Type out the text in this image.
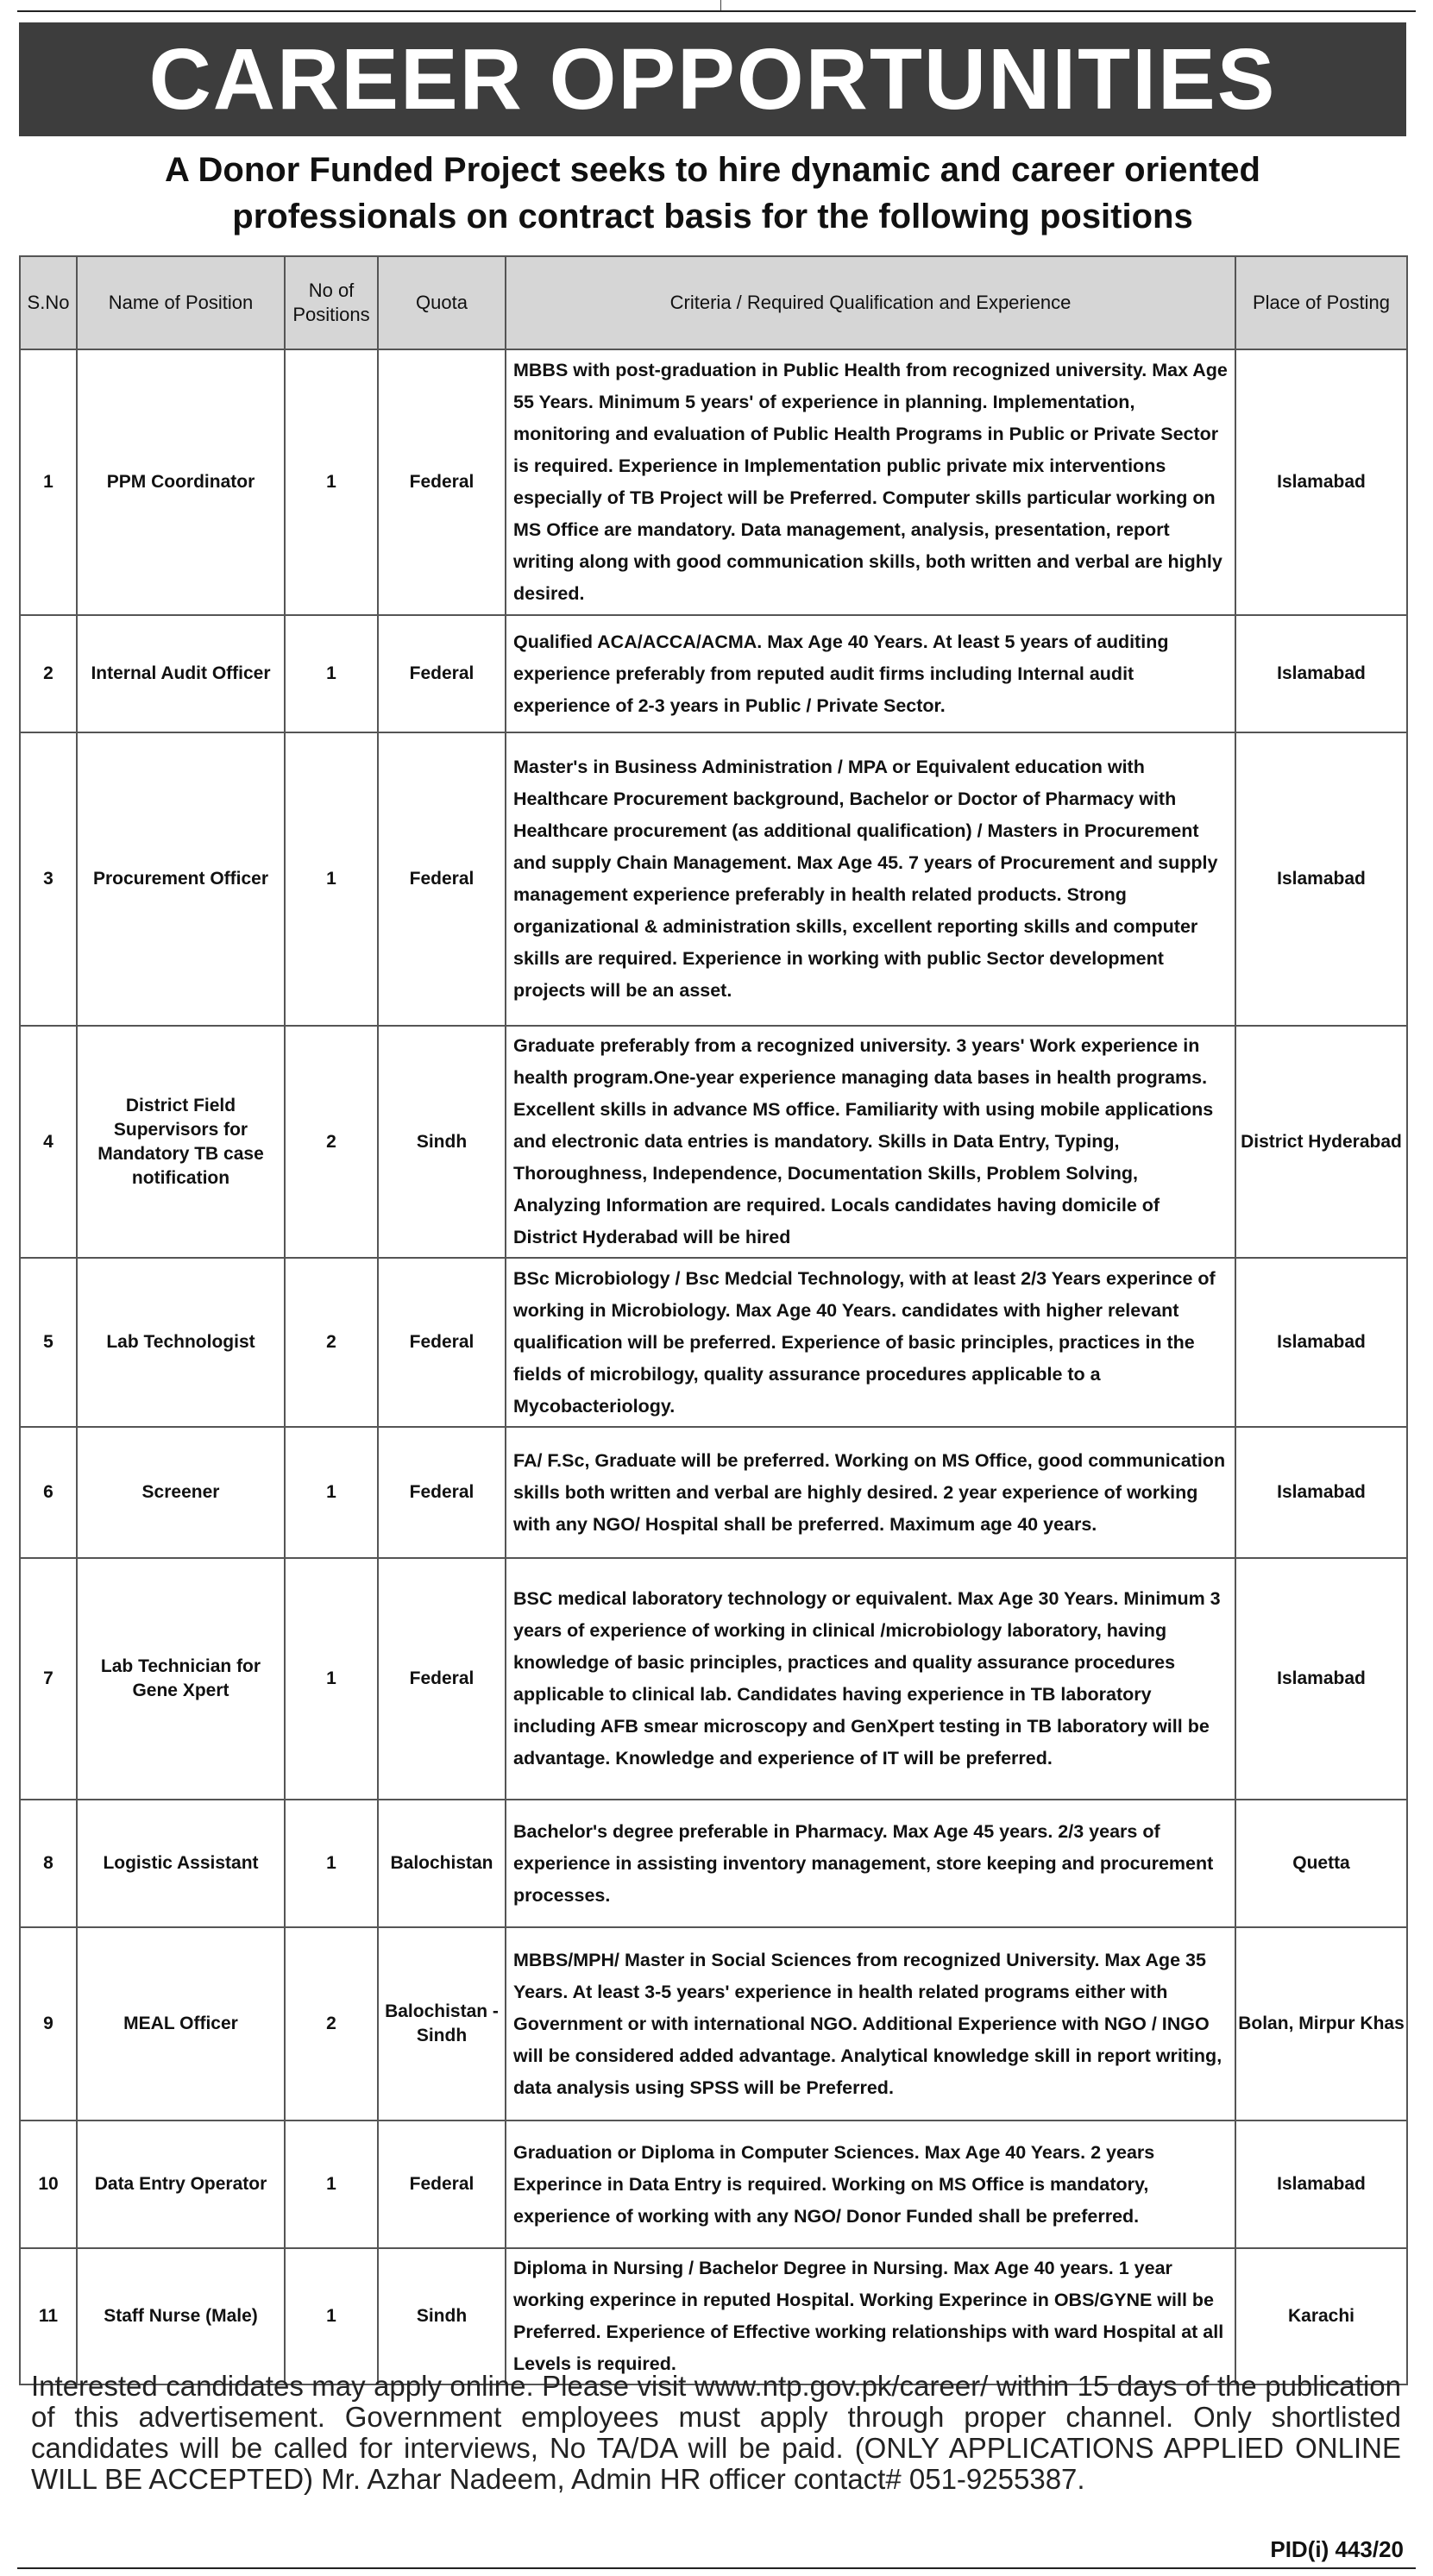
CAREER OPPORTUNITIES
A Donor Funded Project seeks to hire dynamic and career oriented
professionals on contract basis for the following positions
S.No	Name of Position	No of Positions	Quota	Criteria / Required Qualification and Experience	Place of Posting
1	PPM Coordinator	1	Federal	MBBS with post-graduation in Public Health from recognized university. Max Age 55 Years. Minimum 5 years' of experience in planning. Implementation, monitoring and evaluation of Public Health Programs in Public or Private Sector is required. Experience in Implementation public private mix interventions especially of TB Project will be Preferred. Computer skills particular working on MS Office are mandatory. Data management, analysis, presentation, report writing along with good communication skills, both written and verbal are highly desired.	Islamabad
2	Internal Audit Officer	1	Federal	Qualified ACA/ACCA/ACMA. Max Age 40 Years. At least 5 years of auditing experience preferably from reputed audit firms including Internal audit experience of 2-3 years in Public / Private Sector.	Islamabad
3	Procurement Officer	1	Federal	Master's in Business Administration / MPA or Equivalent education with Healthcare Procurement background, Bachelor or Doctor of Pharmacy with Healthcare procurement (as additional qualification) / Masters in Procurement and supply Chain Management. Max Age 45. 7 years of Procurement and supply management experience preferably in health related products. Strong organizational & administration skills, excellent reporting skills and computer skills are required. Experience in working with public Sector development projects will be an asset.	Islamabad
4	District Field Supervisors for Mandatory TB case notification	2	Sindh	Graduate preferably from a recognized university. 3 years' Work experience in health program.One-year experience managing data bases in health programs. Excellent skills in advance MS office. Familiarity with using mobile applications and electronic data entries is mandatory. Skills in Data Entry, Typing, Thoroughness, Independence, Documentation Skills, Problem Solving, Analyzing Information are required. Locals candidates having domicile of District Hyderabad will be hired	District Hyderabad
5	Lab Technologist	2	Federal	BSc Microbiology / Bsc Medcial Technology, with at least 2/3 Years experince of working in Microbiology. Max Age 40 Years. candidates with higher relevant qualification will be preferred. Experience of basic principles, practices in the fields of microbilogy, quality assurance procedures applicable to a Mycobacteriology.	Islamabad
6	Screener	1	Federal	FA/ F.Sc, Graduate will be preferred. Working on MS Office, good communication skills both written and verbal are highly desired. 2 year experience of working with any NGO/ Hospital shall be preferred. Maximum age 40 years.	Islamabad
7	Lab Technician for Gene Xpert	1	Federal	BSC medical laboratory technology or equivalent. Max Age 30 Years. Minimum 3 years of experience of working in clinical /microbiology laboratory, having knowledge of basic principles, practices and quality assurance procedures applicable to clinical lab. Candidates having experience in TB laboratory including AFB smear microscopy and GenXpert testing in TB laboratory will be advantage. Knowledge and experience of IT will be preferred.	Islamabad
8	Logistic Assistant	1	Balochistan	Bachelor's degree preferable in Pharmacy. Max Age 45 years. 2/3 years of experience in assisting inventory management, store keeping and procurement processes.	Quetta
9	MEAL Officer	2	Balochistan - Sindh	MBBS/MPH/ Master in Social Sciences from recognized University. Max Age 35 Years. At least 3-5 years' experience in health related programs either with Government or with international NGO. Additional Experience with NGO / INGO will be considered added advantage. Analytical knowledge skill in report writing, data analysis using SPSS will be Preferred.	Bolan, Mirpur Khas
10	Data Entry Operator	1	Federal	Graduation or Diploma in Computer Sciences. Max Age 40 Years. 2 years Experince in Data Entry is required. Working on MS Office is mandatory, experience of working with any NGO/ Donor Funded shall be preferred.	Islamabad
11	Staff Nurse (Male)	1	Sindh	Diploma in Nursing / Bachelor Degree in Nursing. Max Age 40 years. 1 year working experince in reputed Hospital. Working Experince in OBS/GYNE will be Preferred. Experience of Effective working relationships with ward Hospital at all Levels is required.	Karachi
Interested candidates may apply online. Please visit www.ntp.gov.pk/career/ within 15 days of the publication of this advertisement. Government employees must apply through proper channel. Only shortlisted candidates will be called for interviews, No TA/DA will be paid. (ONLY APPLICATIONS APPLIED ONLINE WILL BE ACCEPTED) Mr. Azhar Nadeem, Admin HR officer contact# 051-9255387.
PID(i) 443/20
